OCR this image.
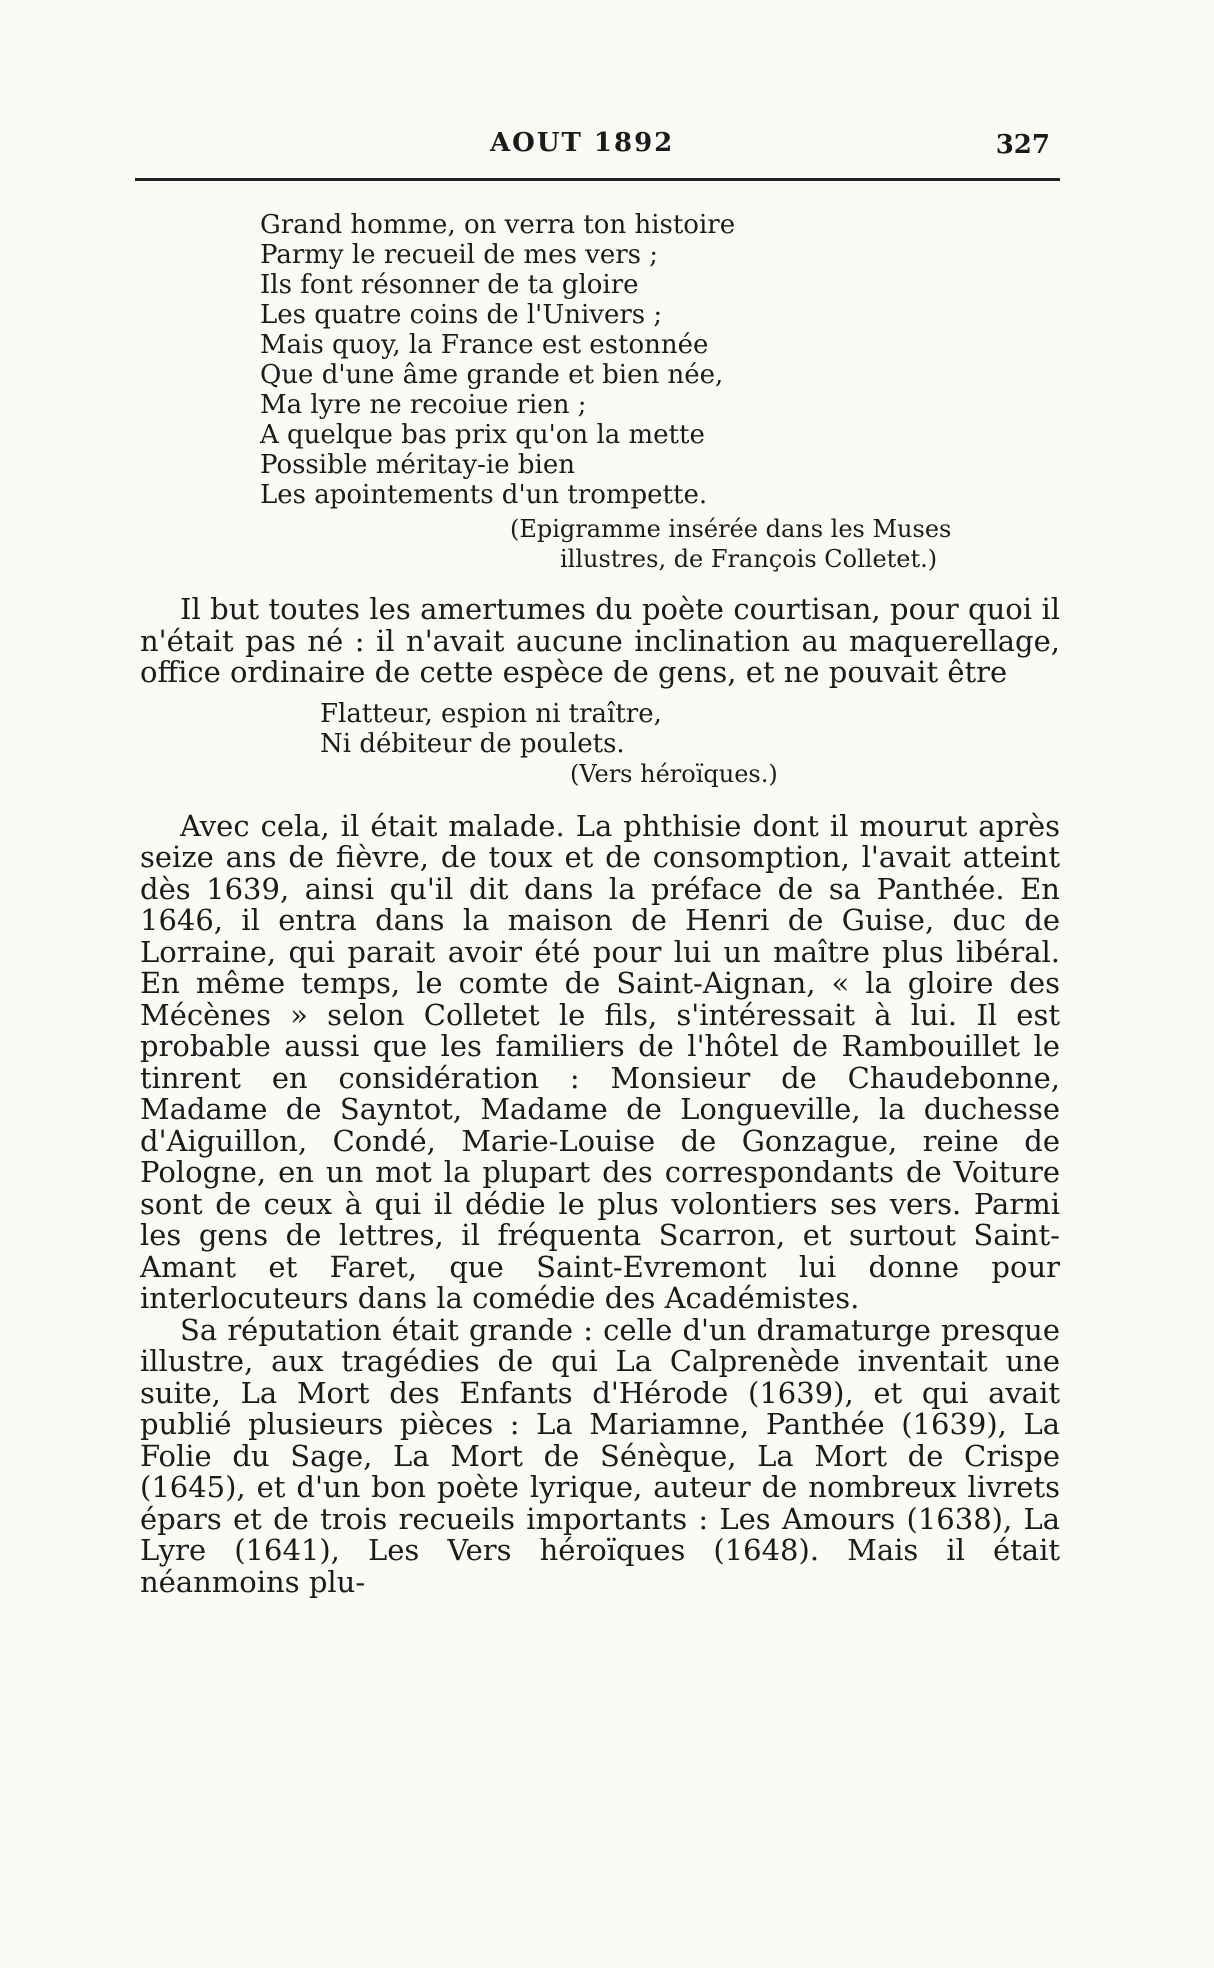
AOUT 1892	327
Grand homme, on verra ton histoire
Parmy le recueil de mes vers ;
Ils font résonner de ta gloire
Les quatre coins de l'Univers ;
Mais quoy, la France est estonnée
Que d'une âme grande et bien née,
Ma lyre ne recoiue rien ;
A quelque bas prix qu'on la mette
Possible méritay-ie bien
Les apointements d'un trompette.
(Epigramme insérée dans les Muses
illustres, de François Colletet.)

Il but toutes les amertumes du poète courtisan, pour quoi il n'était pas né : il n'avait aucune inclination au maquerellage, office ordinaire de cette espèce de gens, et ne pouvait être

Flatteur, espion ni traître,
Ni débiteur de poulets.
(Vers héroïques.)

Avec cela, il était malade. La phthisie dont il mourut après seize ans de fièvre, de toux et de consomption, l'avait atteint dès 1639, ainsi qu'il dit dans la préface de sa Panthée. En 1646, il entra dans la maison de Henri de Guise, duc de Lorraine, qui parait avoir été pour lui un maître plus libéral. En même temps, le comte de Saint-Aignan, « la gloire des Mécènes » selon Colletet le fils, s'intéressait à lui. Il est probable aussi que les familiers de l'hôtel de Rambouillet le tinrent en considération : Monsieur de Chaudebonne, Madame de Sayntot, Madame de Longueville, la duchesse d'Aiguillon, Condé, Marie-Louise de Gonzague, reine de Pologne, en un mot la plupart des correspondants de Voiture sont de ceux à qui il dédie le plus volontiers ses vers. Parmi les gens de lettres, il fréquenta Scarron, et surtout Saint-Amant et Faret, que Saint-Evremont lui donne pour interlocuteurs dans la comédie des Académistes.

Sa réputation était grande : celle d'un dramaturge presque illustre, aux tragédies de qui La Calprenède inventait une suite, La Mort des Enfants d'Hérode (1639), et qui avait publié plusieurs pièces : La Mariamne, Panthée (1639), La Folie du Sage, La Mort de Sénèque, La Mort de Crispe (1645), et d'un bon poète lyrique, auteur de nombreux livrets épars et de trois recueils importants : Les Amours (1638), La Lyre (1641), Les Vers héroïques (1648). Mais il était néanmoins plu-
